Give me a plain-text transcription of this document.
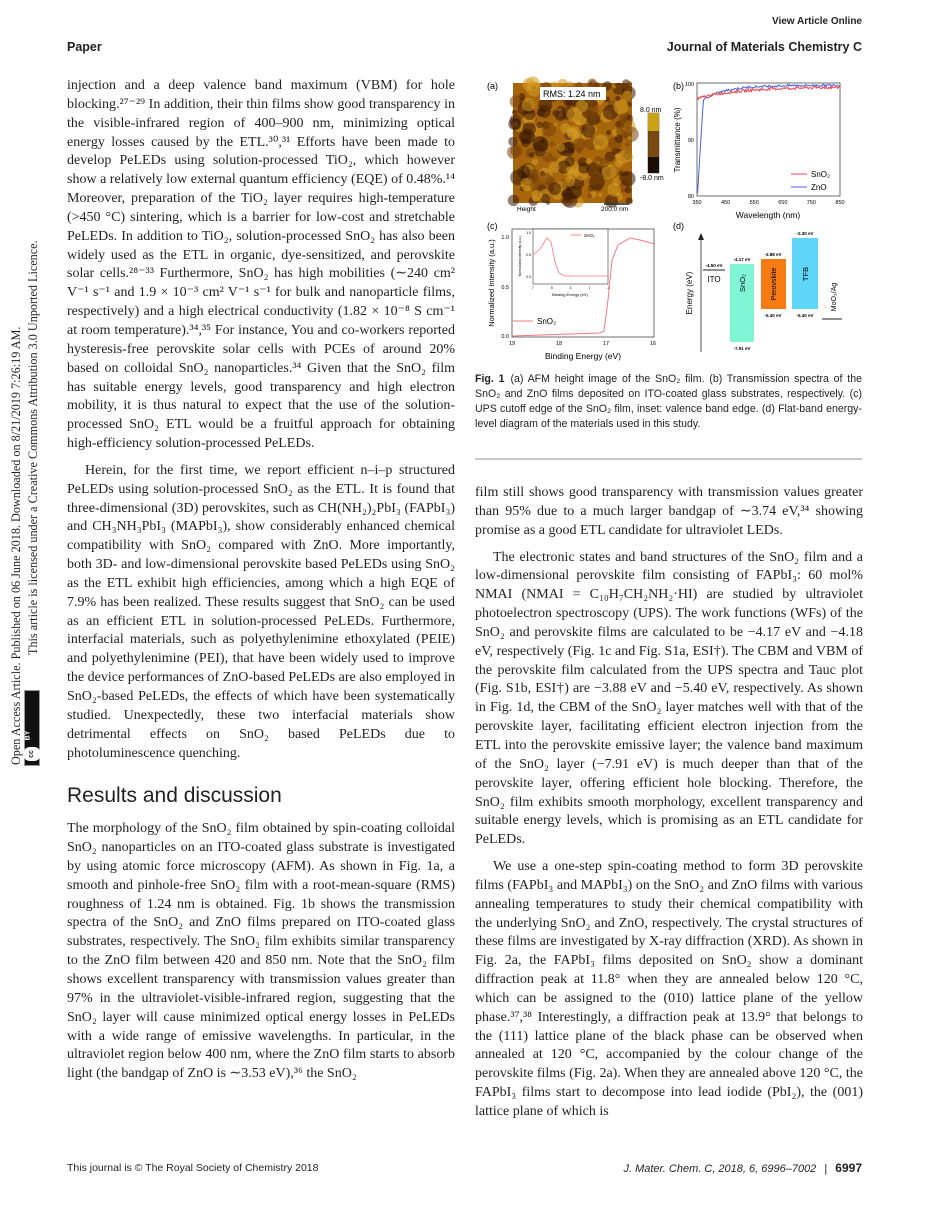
View Article Online
Paper	Journal of Materials Chemistry C
Open Access Article. Published on 06 June 2018. Downloaded on 8/21/2019 7:26:19 AM. This article is licensed under a Creative Commons Attribution 3.0 Unported Licence.
cc
BY

injection and a deep valence band maximum (VBM) for hole blocking.²⁷⁻²⁹ In addition, their thin films show good transparency in the visible-infrared region of 400–900 nm, minimizing optical energy losses caused by the ETL.³⁰,³¹ Efforts have been made to develop PeLEDs using solution-processed TiO₂, which however show a relatively low external quantum efficiency (EQE) of 0.48%.¹⁴ Moreover, preparation of the TiO₂ layer requires high-temperature (>450 °C) sintering, which is a barrier for low-cost and stretchable PeLEDs. In addition to TiO₂, solution-processed SnO₂ has also been widely used as the ETL in organic, dye-sensitized, and perovskite solar cells.²⁸⁻³³ Furthermore, SnO₂ has high mobilities (∼240 cm² V⁻¹ s⁻¹ and 1.9 × 10⁻³ cm² V⁻¹ s⁻¹ for bulk and nanoparticle films, respectively) and a high electrical conductivity (1.82 × 10⁻⁸ S cm⁻¹ at room temperature).³⁴,³⁵ For instance, You and co-workers reported hysteresis-free perovskite solar cells with PCEs of around 20% based on colloidal SnO₂ nanoparticles.³⁴ Given that the SnO₂ film has suitable energy levels, good transparency and high electron mobility, it is thus natural to expect that the use of the solution-processed SnO₂ ETL would be a fruitful approach for obtaining high-efficiency solution-processed PeLEDs.

Herein, for the first time, we report efficient n–i–p structured PeLEDs using solution-processed SnO₂ as the ETL. It is found that three-dimensional (3D) perovskites, such as CH(NH₂)₂PbI₃ (FAPbI₃) and CH₃NH₃PbI₃ (MAPbI₃), show considerably enhanced chemical compatibility with SnO₂ compared with ZnO. More importantly, both 3D- and low-dimensional perovskite based PeLEDs using SnO₂ as the ETL exhibit high efficiencies, among which a high EQE of 7.9% has been realized. These results suggest that SnO₂ can be used as an efficient ETL in solution-processed PeLEDs. Furthermore, interfacial materials, such as polyethylenimine ethoxylated (PEIE) and polyethylenimine (PEI), that have been widely used to improve the device performances of ZnO-based PeLEDs are also employed in SnO₂-based PeLEDs, the effects of which have been systematically studied. Unexpectedly, these two interfacial materials show detrimental effects on SnO₂ based PeLEDs due to photoluminescence quenching.

Results and discussion

The morphology of the SnO₂ film obtained by spin-coating colloidal SnO₂ nanoparticles on an ITO-coated glass substrate is investigated by using atomic force microscopy (AFM). As shown in Fig. 1a, a smooth and pinhole-free SnO₂ film with a root-mean-square (RMS) roughness of 1.24 nm is obtained. Fig. 1b shows the transmission spectra of the SnO₂ and ZnO films prepared on ITO-coated glass substrates, respectively. The SnO₂ film exhibits similar transparency to the ZnO film between 420 and 850 nm. Note that the SnO₂ film shows excellent transparency with transmission values greater than 97% in the ultraviolet-visible-infrared region, suggesting that the SnO₂ layer will cause minimized optical energy losses in PeLEDs with a wide range of emissive wavelengths. In particular, in the ultraviolet region below 400 nm, where the ZnO film starts to absorb light (the bandgap of ZnO is ∼3.53 eV),³⁶ the SnO₂

(a)
RMS: 1.24 nm
8.0 nm
-8.0 nm
Height	200.0 nm
(b) 100
90
80
350	450	550	650	750	850
Transmittance (%)
Wavelength (nm)
SnO₂
ZnO
(c)
1.0
0.5
0.0
19	18	17	16
Normalized Intensity (a.u.)
Binding Energy (eV)
SnO₂
SnO₂
1.0
0.5
0.0
7	5	3	1	-1
Normalized Intensity (a.u.)
Binding Energy (eV)
(d)
Energy (eV)
-4.50 eV
ITO
-4.17 eV
-7.91 eV
SnO₂
-3.88 eV
-5.40 eV
Perovskite
-2.30 eV
-5.40 eV
TFB
MoO₃/Ag
Fig. 1 (a) AFM height image of the SnO₂ film. (b) Transmission spectra of the SnO₂ and ZnO films deposited on ITO-coated glass substrates, respectively. (c) UPS cutoff edge of the SnO₂ film, inset: valence band edge. (d) Flat-band energy-level diagram of the materials used in this study.

film still shows good transparency with transmission values greater than 95% due to a much larger bandgap of ∼3.74 eV,³⁴ showing promise as a good ETL candidate for ultraviolet LEDs.

The electronic states and band structures of the SnO₂ film and a low-dimensional perovskite film consisting of FAPbI₃: 60 mol% NMAI (NMAI = C₁₀H₇CH₂NH₂·HI) are studied by ultraviolet photoelectron spectroscopy (UPS). The work functions (WFs) of the SnO₂ and perovskite films are calculated to be −4.17 eV and −4.18 eV, respectively (Fig. 1c and Fig. S1a, ESI†). The CBM and VBM of the perovskite film calculated from the UPS spectra and Tauc plot (Fig. S1b, ESI†) are −3.88 eV and −5.40 eV, respectively. As shown in Fig. 1d, the CBM of the SnO₂ layer matches well with that of the perovskite layer, facilitating efficient electron injection from the ETL into the perovskite emissive layer; the valence band maximum of the SnO₂ layer (−7.91 eV) is much deeper than that of the perovskite layer, offering efficient hole blocking. Therefore, the SnO₂ film exhibits smooth morphology, excellent transparency and suitable energy levels, which is promising as an ETL candidate for PeLEDs.

We use a one-step spin-coating method to form 3D perovskite films (FAPbI₃ and MAPbI₃) on the SnO₂ and ZnO films with various annealing temperatures to study their chemical compatibility with the underlying SnO₂ and ZnO, respectively. The crystal structures of these films are investigated by X-ray diffraction (XRD). As shown in Fig. 2a, the FAPbI₃ films deposited on SnO₂ show a dominant diffraction peak at 11.8° when they are annealed below 120 °C, which can be assigned to the (010) lattice plane of the yellow phase.³⁷,³⁸ Interestingly, a diffraction peak at 13.9° that belongs to the (111) lattice plane of the black phase can be observed when annealed at 120 °C, accompanied by the colour change of the perovskite films (Fig. 2a). When they are annealed above 120 °C, the FAPbI₃ films start to decompose into lead iodide (PbI₂), the (001) lattice plane of which is

This journal is © The Royal Society of Chemistry 2018	J. Mater. Chem. C, 2018, 6, 6996–7002 | 6997
